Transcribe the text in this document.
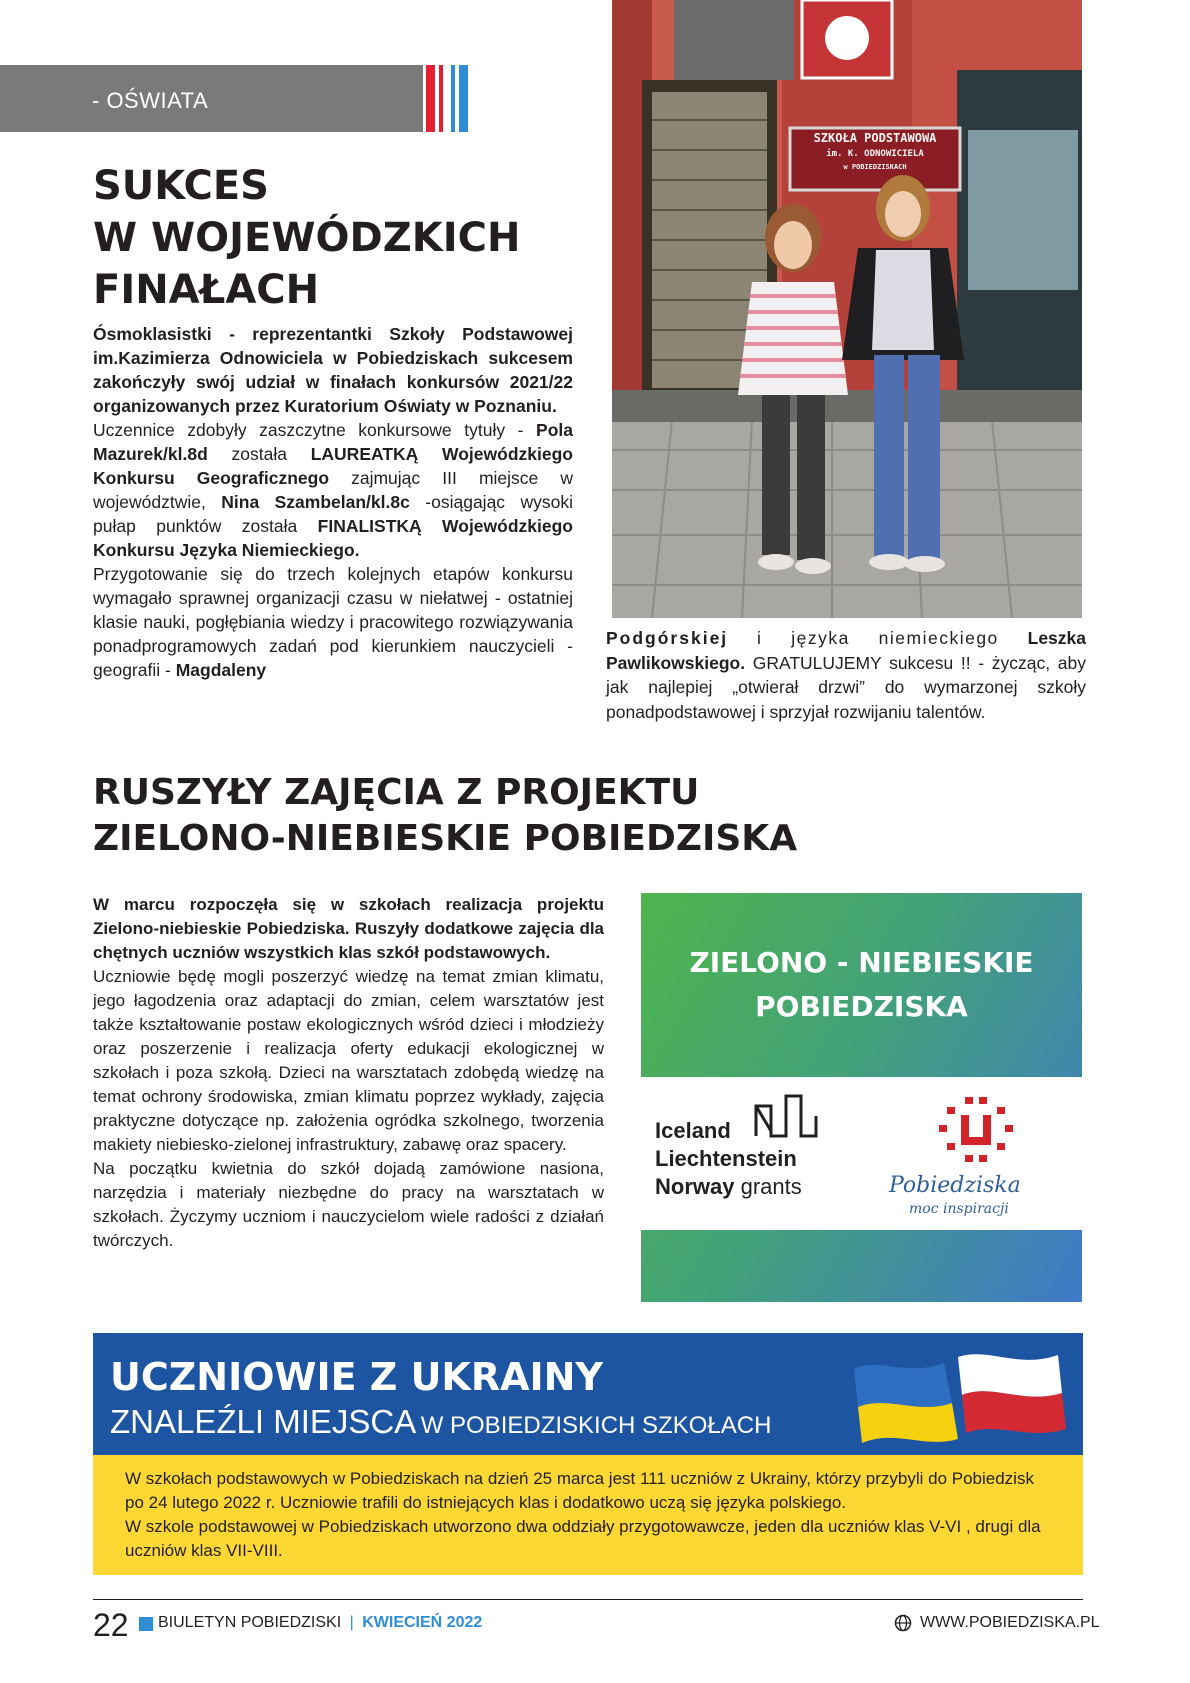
- OŚWIATA
SUKCES
W WOJEWÓDZKICH
FINAŁACH
Ósmoklasistki - reprezentantki Szkoły Podstawowej im.Kazimierza Odnowiciela w Pobiedziskach sukcesem zakończyły swój udział w finałach konkursów 2021/22 organizowanych przez Kuratorium Oświaty w Poznaniu.
Uczennice zdobyły zaszczytne konkursowe tytuły - Pola Mazurek/kl.8d została LAUREATKĄ Wojewódzkiego Konkursu Geograficznego zajmując III miejsce w województwie, Nina Szambelan/kl.8c -osiągając wysoki pułap punktów została FINALISTKĄ Wojewódzkiego Konkursu Języka Niemieckiego.
Przygotowanie się do trzech kolejnych etapów konkursu wymagało sprawnej organizacji czasu w niełatwej - ostatniej klasie nauki, pogłębiania wiedzy i pracowitego rozwiązywania ponadprogramowych zadań pod kierunkiem nauczycieli - geografii - Magdaleny
SZKOŁA PODSTAWOWA
im. K. ODNOWICIELA
w POBIEDZISKACH
Podgórskiej i języka niemieckiego Leszka Pawlikowskiego. GRATULUJEMY sukcesu !! - życząc, aby jak najlepiej „otwierał drzwi” do wymarzonej szkoły ponadpodstawowej i sprzyjał rozwijaniu talentów.
RUSZYŁY ZAJĘCIA Z PROJEKTU
ZIELONO-NIEBIESKIE POBIEDZISKA
W marcu rozpoczęła się w szkołach realizacja projektu Zielono-niebieskie Pobiedziska. Ruszyły dodatkowe zajęcia dla chętnych uczniów wszystkich klas szkół podstawowych.
Uczniowie będę mogli poszerzyć wiedzę na temat zmian klimatu, jego łagodzenia oraz adaptacji do zmian, celem warsztatów jest także kształtowanie postaw ekologicznych wśród dzieci i młodzieży oraz poszerzenie i realizacja oferty edukacji ekologicznej w szkołach i poza szkołą. Dzieci na warsztatach zdobędą wiedzę na temat ochrony środowiska, zmian klimatu poprzez wykłady, zajęcia praktyczne dotyczące np. założenia ogródka szkolnego, tworzenia makiety niebiesko-zielonej infrastruktury, zabawę oraz spacery.
Na początku kwietnia do szkół dojadą zamówione nasiona, narzędzia i materiały niezbędne do pracy na warsztatach w szkołach. Życzymy uczniom i nauczycielom wiele radości z działań twórczych.
ZIELONO - NIEBIESKIE
POBIEDZISKA
Iceland
Liechtenstein
Norway grants	Pobiedziska
moc inspiracji
UCZNIOWIE Z UKRAINY
ZNALEŹLI MIEJSCA W POBIEDZISKICH SZKOŁACH
W szkołach podstawowych w Pobiedziskach na dzień 25 marca jest 111 uczniów z Ukrainy, którzy przybyli do Pobiedzisk po 24 lutego 2022 r. Uczniowie trafili do istniejących klas i dodatkowo uczą się języka polskiego.
W szkole podstawowej w Pobiedziskach utworzono dwa oddziały przygotowawcze, jeden dla uczniów klas V-VI , drugi dla uczniów klas VII-VIII.
22 BIULETYN POBIEDZISKI | KWIECIEŃ 2022	WWW.POBIEDZISKA.PL
